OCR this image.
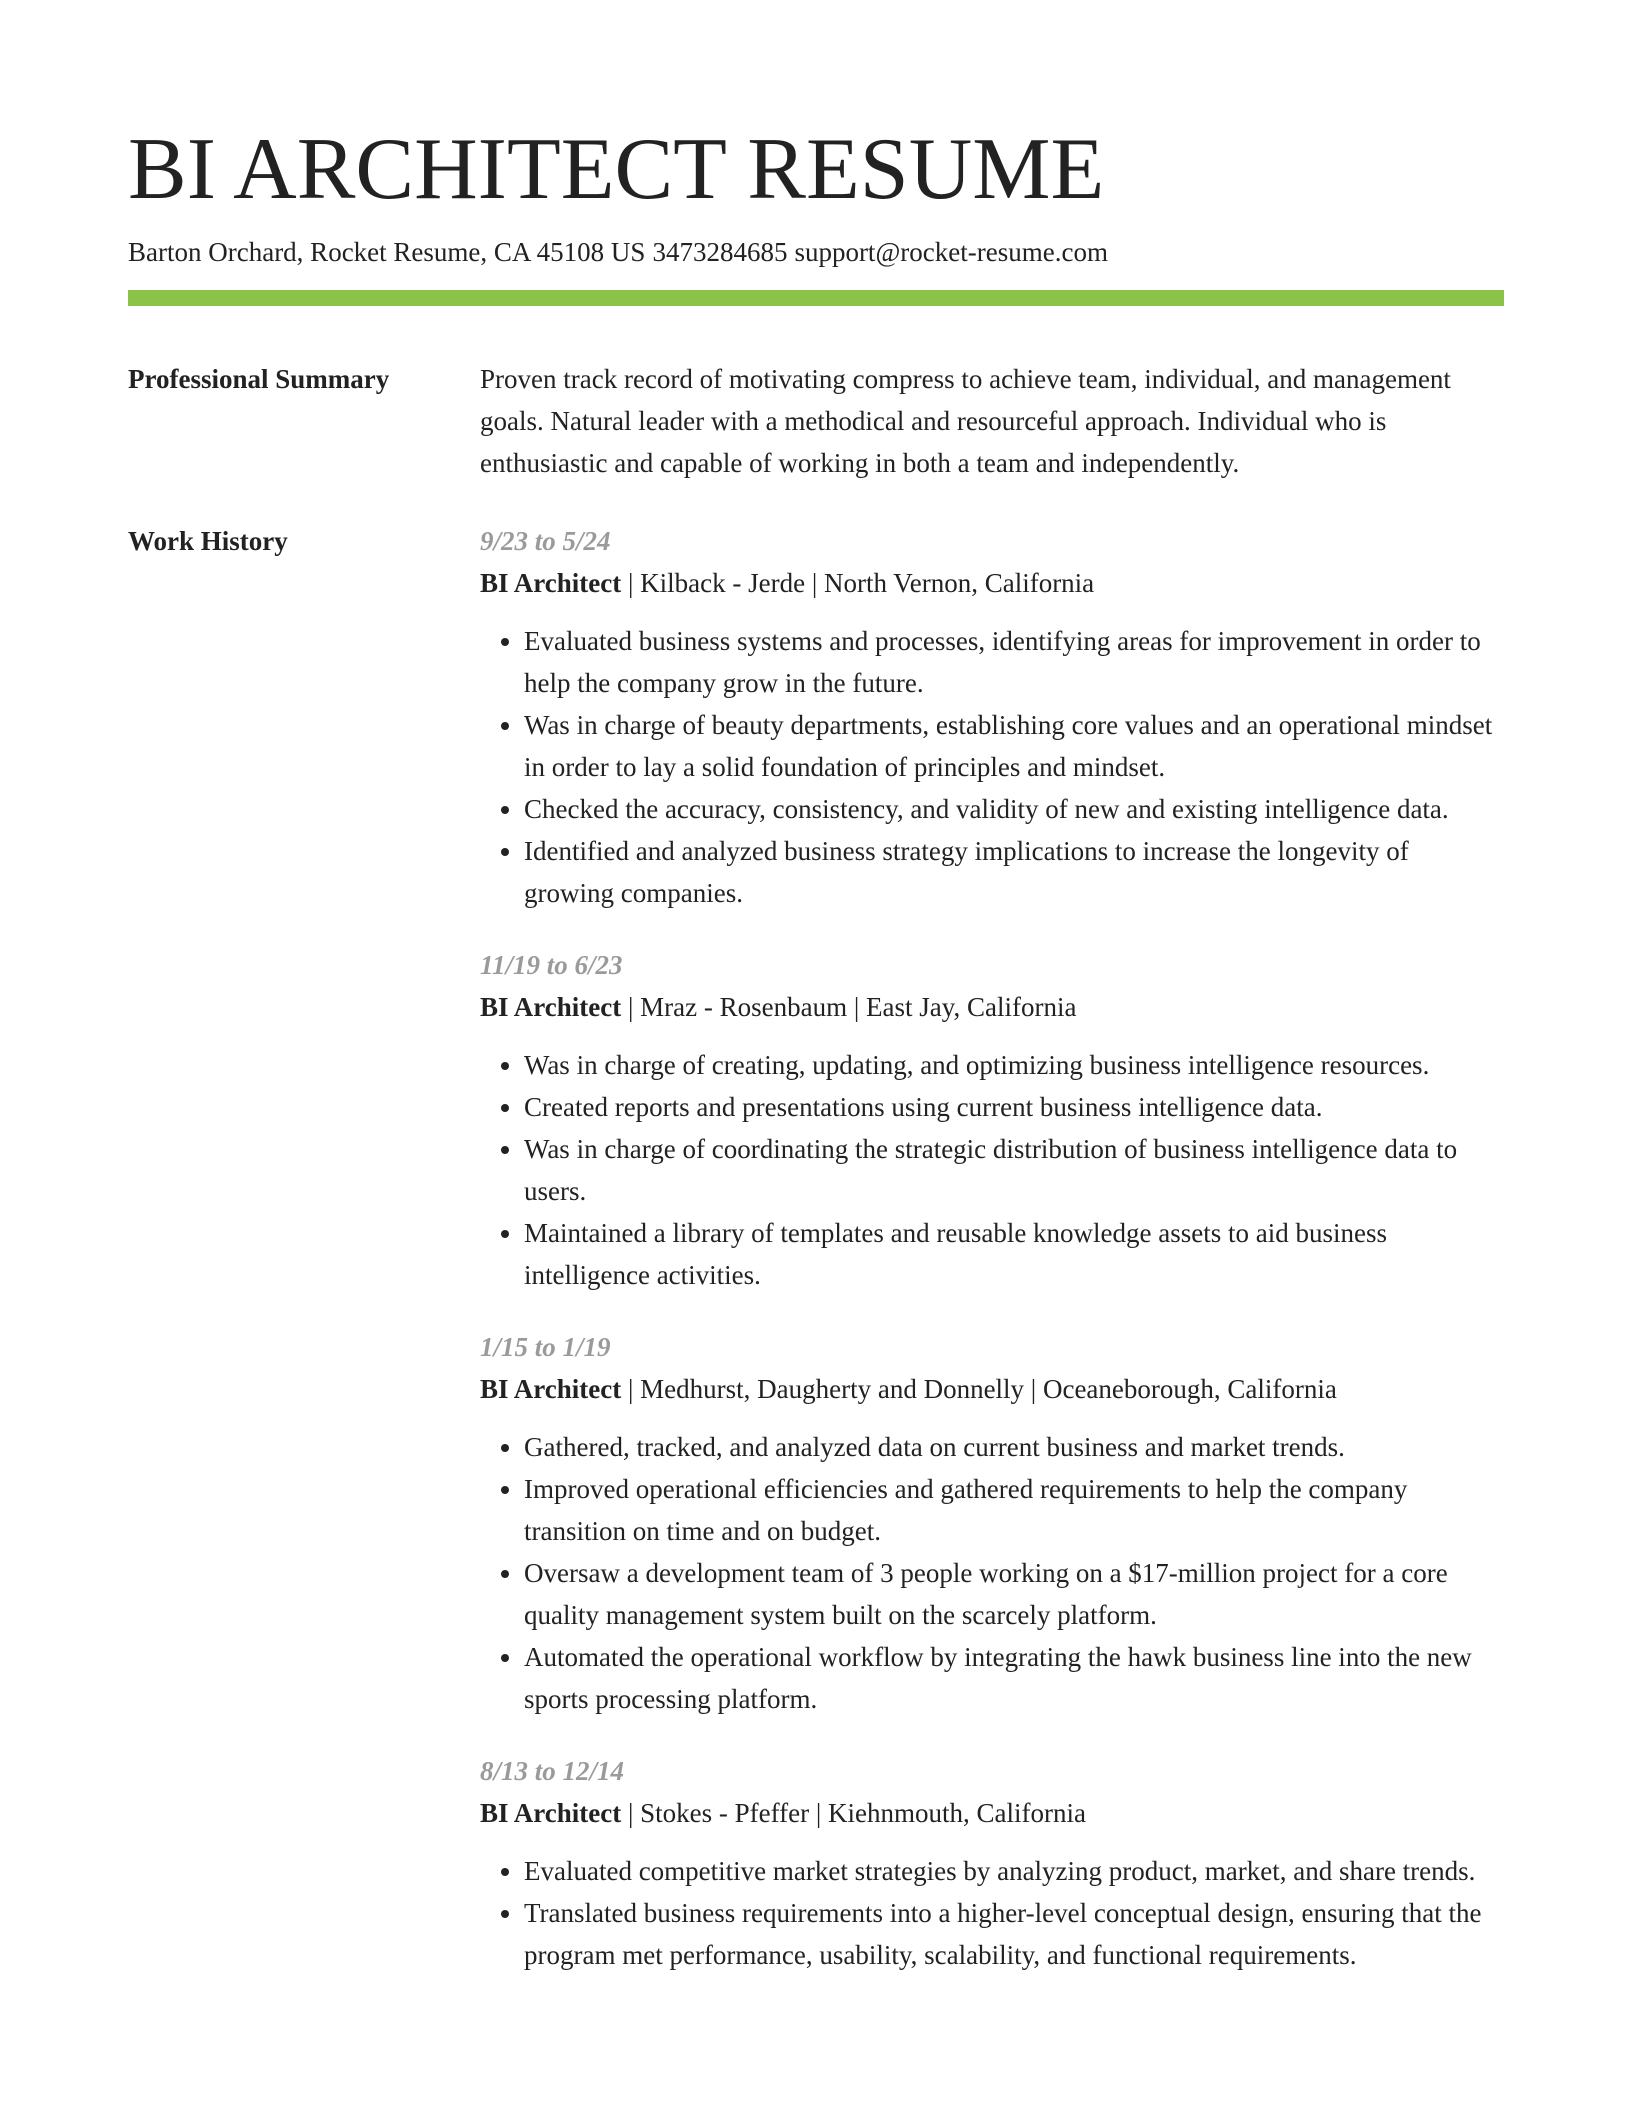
BI ARCHITECT RESUME
Barton Orchard, Rocket Resume, CA 45108 US 3473284685 support@rocket-resume.com
Professional Summary	Proven track record of motivating compress to achieve team, individual, and management goals. Natural leader with a methodical and resourceful approach. Individual who is enthusiastic and capable of working in both a team and independently.
Work History	9/23 to 5/24
BI Architect | Kilback - Jerde | North Vernon, California
• Evaluated business systems and processes, identifying areas for improvement in order to help the company grow in the future.
• Was in charge of beauty departments, establishing core values and an operational mindset in order to lay a solid foundation of principles and mindset.
• Checked the accuracy, consistency, and validity of new and existing intelligence data.
• Identified and analyzed business strategy implications to increase the longevity of growing companies.
11/19 to 6/23
BI Architect | Mraz - Rosenbaum | East Jay, California
• Was in charge of creating, updating, and optimizing business intelligence resources.
• Created reports and presentations using current business intelligence data.
• Was in charge of coordinating the strategic distribution of business intelligence data to users.
• Maintained a library of templates and reusable knowledge assets to aid business intelligence activities.
1/15 to 1/19
BI Architect | Medhurst, Daugherty and Donnelly | Oceaneborough, California
• Gathered, tracked, and analyzed data on current business and market trends.
• Improved operational efficiencies and gathered requirements to help the company transition on time and on budget.
• Oversaw a development team of 3 people working on a $17-million project for a core quality management system built on the scarcely platform.
• Automated the operational workflow by integrating the hawk business line into the new sports processing platform.
8/13 to 12/14
BI Architect | Stokes - Pfeffer | Kiehnmouth, California
• Evaluated competitive market strategies by analyzing product, market, and share trends.
• Translated business requirements into a higher-level conceptual design, ensuring that the program met performance, usability, scalability, and functional requirements.
